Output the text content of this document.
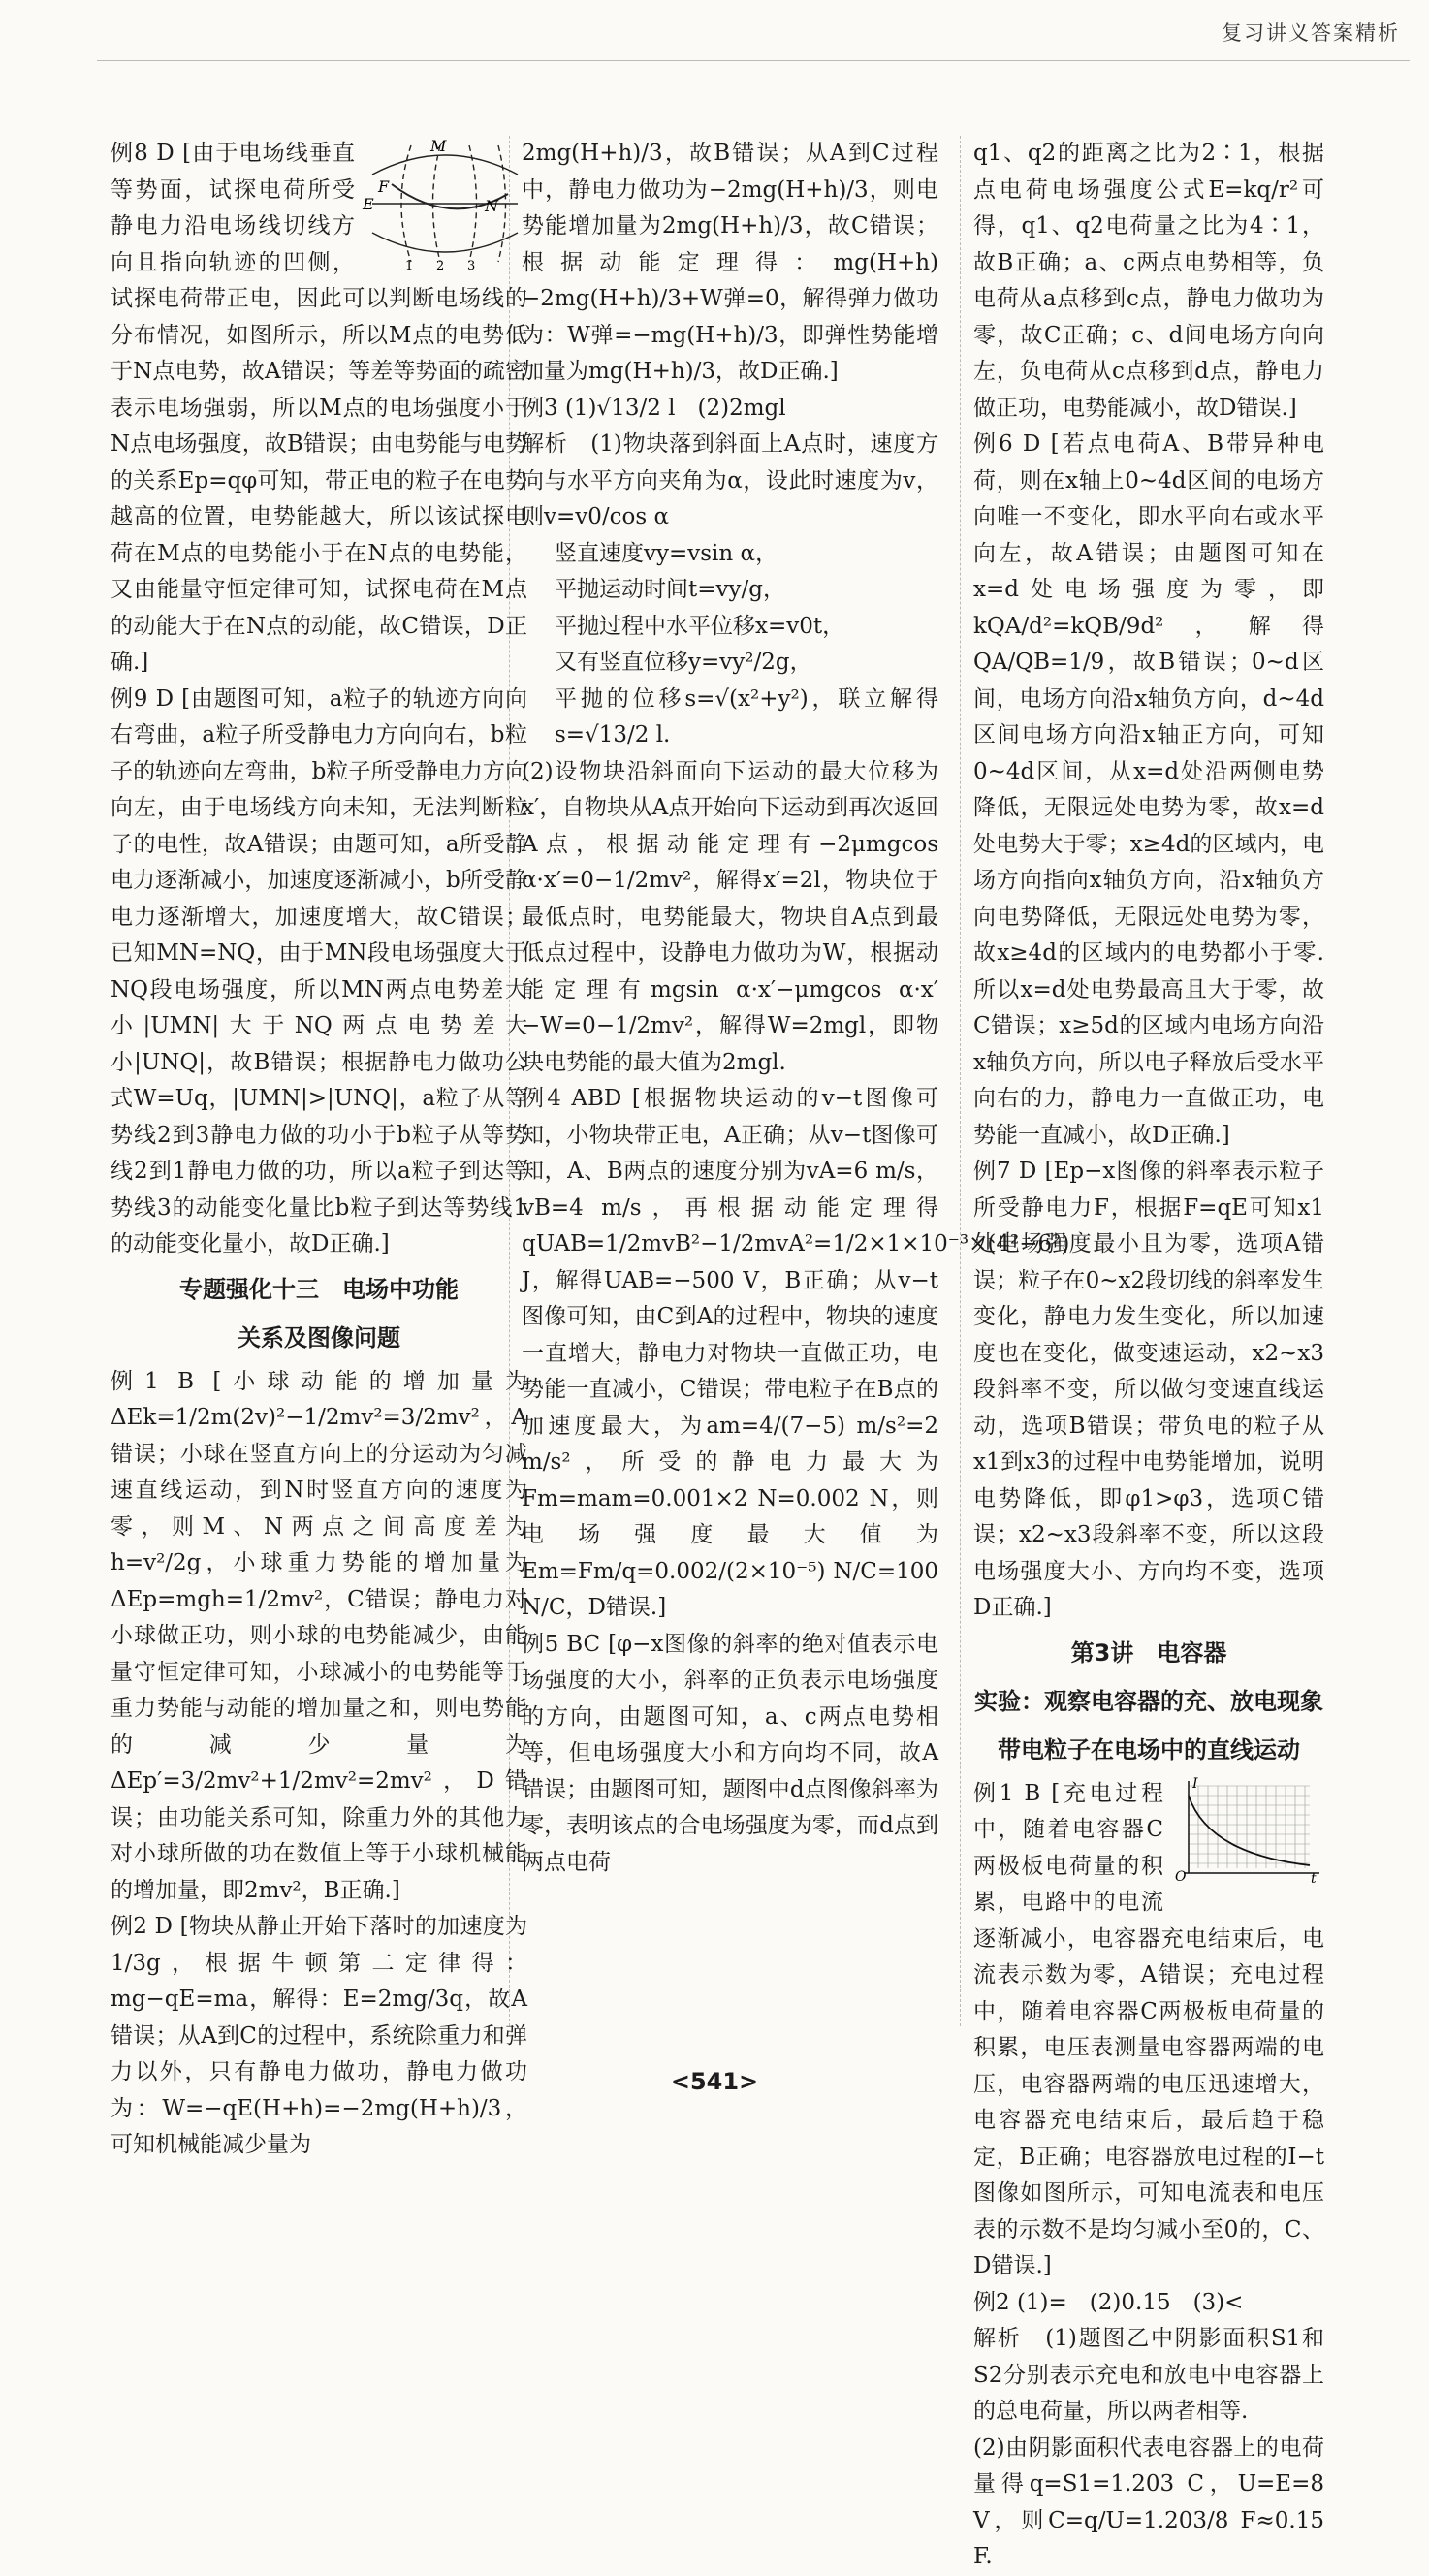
复习讲义答案精析
M
F
E	N
1 2 3

例8 D [由于电场线垂直等势面，试探电荷所受静电力沿电场线切线方向且指向轨迹的凹侧，试探电荷带正电，因此可以判断电场线的分布情况，如图所示，所以M点的电势低于N点电势，故A错误；等差等势面的疏密表示电场强弱，所以M点的电场强度小于N点电场强度，故B错误；由电势能与电势的关系Ep=qφ可知，带正电的粒子在电势越高的位置，电势能越大，所以该试探电荷在M点的电势能小于在N点的电势能，又由能量守恒定律可知，试探电荷在M点的动能大于在N点的动能，故C错误，D正确.]

例9 D [由题图可知，a粒子的轨迹方向向右弯曲，a粒子所受静电力方向向右，b粒子的轨迹向左弯曲，b粒子所受静电力方向向左，由于电场线方向未知，无法判断粒子的电性，故A错误；由题可知，a所受静电力逐渐减小，加速度逐渐减小，b所受静电力逐渐增大，加速度增大，故C错误；已知MN=NQ，由于MN段电场强度大于NQ段电场强度，所以MN两点电势差大小|UMN|大于NQ两点电势差大小|UNQ|，故B错误；根据静电力做功公式W=Uq，|UMN|>|UNQ|，a粒子从等势线2到3静电力做的功小于b粒子从等势线2到1静电力做的功，所以a粒子到达等势线3的动能变化量比b粒子到达等势线1的动能变化量小，故D正确.]

专题强化十三　电场中功能
关系及图像问题

例1 B [小球动能的增加量为ΔEk=1/2m(2v)²−1/2mv²=3/2mv²，A错误；小球在竖直方向上的分运动为匀减速直线运动，到N时竖直方向的速度为零，则M、N两点之间高度差为h=v²/2g，小球重力势能的增加量为ΔEp=mgh=1/2mv²，C错误；静电力对小球做正功，则小球的电势能减少，由能量守恒定律可知，小球减小的电势能等于重力势能与动能的增加量之和，则电势能的减少量为ΔEp′=3/2mv²+1/2mv²=2mv²，D错误；由功能关系可知，除重力外的其他力对小球所做的功在数值上等于小球机械能的增加量，即2mv²，B正确.]

例2 D [物块从静止开始下落时的加速度为1/3g，根据牛顿第二定律得：mg−qE=ma，解得：E=2mg/3q，故A错误；从A到C的过程中，系统除重力和弹力以外，只有静电力做功，静电力做功为：W=−qE(H+h)=−2mg(H+h)/3，可知机械能减少量为

2mg(H+h)/3，故B错误；从A到C过程中，静电力做功为−2mg(H+h)/3，则电势能增加量为2mg(H+h)/3，故C错误；根据动能定理得：mg(H+h)−2mg(H+h)/3+W弹=0，解得弹力做功为：W弹=−mg(H+h)/3，即弹性势能增加量为mg(H+h)/3，故D正确.]

例3 (1)√13/2 l　(2)2mgl

解析　(1)物块落到斜面上A点时，速度方向与水平方向夹角为α，设此时速度为v，则v=v0/cos α

竖直速度vy=vsin α，

平抛运动时间t=vy/g，

平抛过程中水平位移x=v0t，

又有竖直位移y=vy²/2g，

平抛的位移s=√(x²+y²)，联立解得s=√13/2 l.

(2)设物块沿斜面向下运动的最大位移为x′，自物块从A点开始向下运动到再次返回A点，根据动能定理有−2μmgcos α·x′=0−1/2mv²，解得x′=2l，物块位于最低点时，电势能最大，物块自A点到最低点过程中，设静电力做功为W，根据动能定理有mgsin α·x′−μmgcos α·x′−W=0−1/2mv²，解得W=2mgl，即物块电势能的最大值为2mgl.

例4 ABD [根据物块运动的v−t图像可知，小物块带正电，A正确；从v−t图像可知，A、B两点的速度分别为vA=6 m/s，vB=4 m/s，再根据动能定理得qUAB=1/2mvB²−1/2mvA²=1/2×1×10⁻³×(4²−6²) J，解得UAB=−500 V，B正确；从v−t图像可知，由C到A的过程中，物块的速度一直增大，静电力对物块一直做正功，电势能一直减小，C错误；带电粒子在B点的加速度最大，为am=4/(7−5) m/s²=2 m/s²，所受的静电力最大为Fm=mam=0.001×2 N=0.002 N，则电场强度最大值为Em=Fm/q=0.002/(2×10⁻⁵) N/C=100 N/C，D错误.]

例5 BC [φ−x图像的斜率的绝对值表示电场强度的大小，斜率的正负表示电场强度的方向，由题图可知，a、c两点电势相等，但电场强度大小和方向均不同，故A错误；由题图可知，题图中d点图像斜率为零，表明该点的合电场强度为零，而d点到两点电荷

q1、q2的距离之比为2∶1，根据点电荷电场强度公式E=kq/r²可得，q1、q2电荷量之比为4∶1，故B正确；a、c两点电势相等，负电荷从a点移到c点，静电力做功为零，故C正确；c、d间电场方向向左，负电荷从c点移到d点，静电力做正功，电势能减小，故D错误.]

例6 D [若点电荷A、B带异种电荷，则在x轴上0~4d区间的电场方向唯一不变化，即水平向右或水平向左，故A错误；由题图可知在x=d处电场强度为零，即kQA/d²=kQB/9d²，解得QA/QB=1/9，故B错误；0~d区间，电场方向沿x轴负方向，d~4d区间电场方向沿x轴正方向，可知0~4d区间，从x=d处沿两侧电势降低，无限远处电势为零，故x=d处电势大于零；x≥4d的区域内，电场方向指向x轴负方向，沿x轴负方向电势降低，无限远处电势为零，故x≥4d的区域内的电势都小于零.所以x=d处电势最高且大于零，故C错误；x≥5d的区域内电场方向沿x轴负方向，所以电子释放后受水平向右的力，静电力一直做正功，电势能一直减小，故D正确.]

例7 D [Ep−x图像的斜率表示粒子所受静电力F，根据F=qE可知x1处电场强度最小且为零，选项A错误；粒子在0~x2段切线的斜率发生变化，静电力发生变化，所以加速度也在变化，做变速运动，x2~x3段斜率不变，所以做匀变速直线运动，选项B错误；带负电的粒子从x1到x3的过程中电势能增加，说明电势降低，即φ1>φ3，选项C错误；x2~x3段斜率不变，所以这段电场强度大小、方向均不变，选项D正确.]

第3讲　电容器
实验：观察电容器的充、放电现象
带电粒子在电场中的直线运动
I
O	t

例1 B [充电过程中，随着电容器C两极板电荷量的积累，电路中的电流逐渐减小，电容器充电结束后，电流表示数为零，A错误；充电过程中，随着电容器C两极板电荷量的积累，电压表测量电容器两端的电压，电容器两端的电压迅速增大，电容器充电结束后，最后趋于稳定，B正确；电容器放电过程的I−t图像如图所示，可知电流表和电压表的示数不是均匀减小至0的，C、D错误.]

例2 (1)=　(2)0.15　(3)<

解析　(1)题图乙中阴影面积S1和S2分别表示充电和放电中电容器上的总电荷量，所以两者相等.

(2)由阴影面积代表电容器上的电荷量得q=S1=1.203 C，U=E=8 V，则C=q/U=1.203/8 F≈0.15 F.

<541>
